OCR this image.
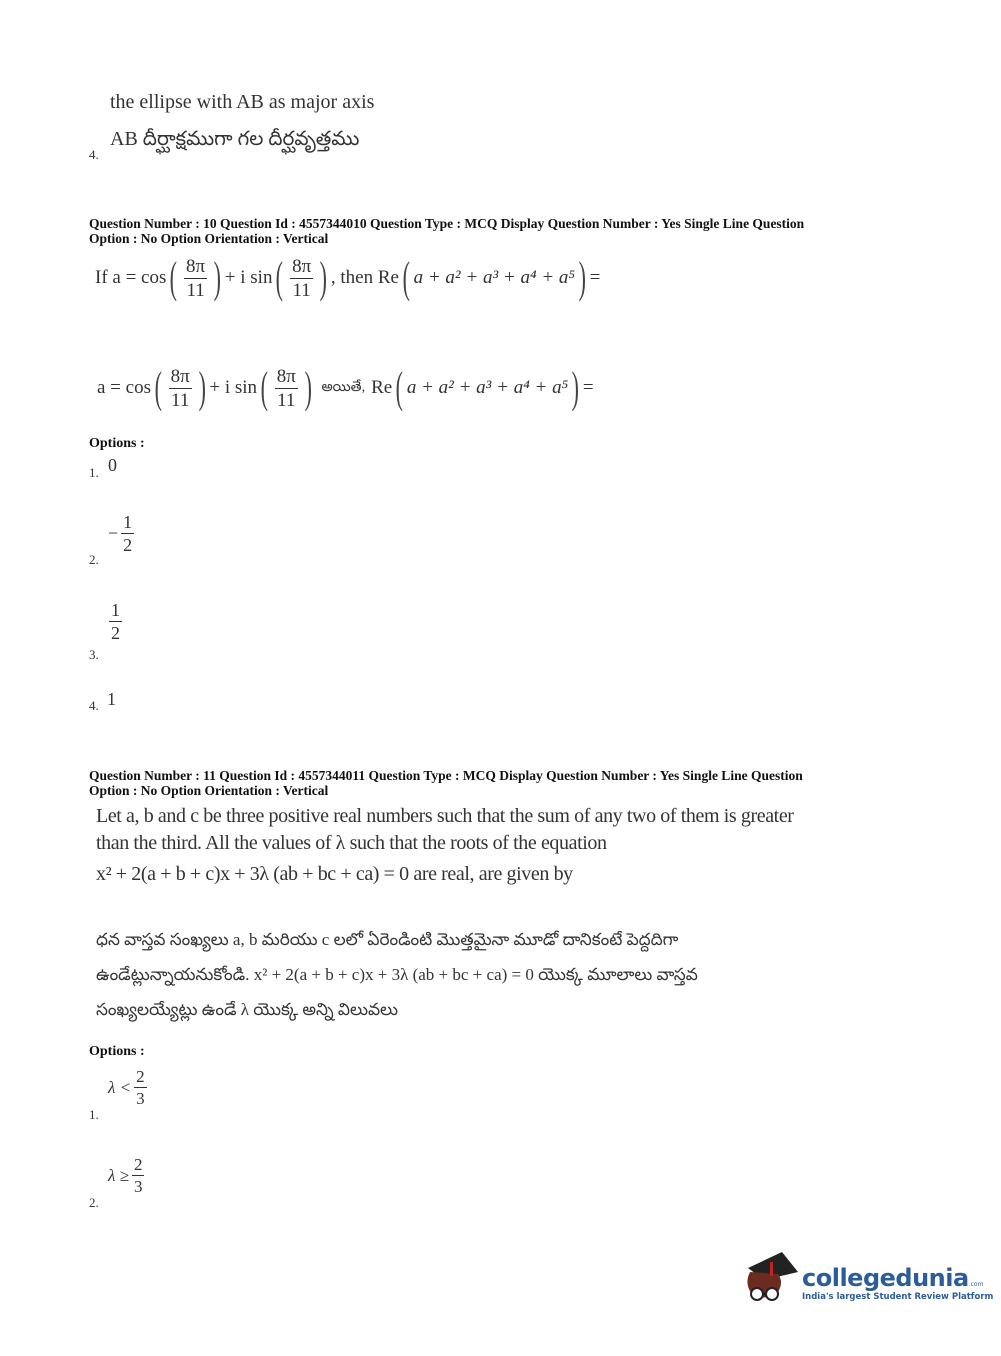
the ellipse with AB as major axis
AB దీర్ఘాక్షముగా గల దీర్ఘవృత్తము
4.
Question Number : 10 Question Id : 4557344010 Question Type : MCQ Display Question Number : Yes Single Line Question
Option : No Option Orientation : Vertical
If a = cos ( $\frac{8\pi}{11}$ ) + i sin ( $\frac{8\pi}{11}$ ) , then Re ( a + a² + a³ + a⁴ + a⁵ ) =
a = cos ( $\frac{8\pi}{11}$ ) + i sin ( $\frac{8\pi}{11}$ ) అయితే, Re ( a + a² + a³ + a⁴ + a⁵ ) =
Options :
1. 0
2.
− $\frac{1}{2}$
3.
$\frac{1}{2}$
4. 1
Question Number : 11 Question Id : 4557344011 Question Type : MCQ Display Question Number : Yes Single Line Question
Option : No Option Orientation : Vertical
Let a, b and c be three positive real numbers such that the sum of any two of them is greater
than the third. All the values of λ such that the roots of the equation
x² + 2(a + b + c)x + 3λ (ab + bc + ca) = 0 are real, are given by
ధన వాస్తవ సంఖ్యలు a, b మరియు c లలో ఏరెండింటి మొత్తమైనా మూడో దానికంటే పెద్దదిగా
ఉండేట్లున్నాయనుకోండి. x² + 2(a + b + c)x + 3λ (ab + bc + ca) = 0 యొక్క మూలాలు వాస్తవ
సంఖ్యలయ్యేట్లు ఉండే λ యొక్క అన్ని విలువలు
Options :
1.
$\lambda < \frac{2}{3}$
2.
$\lambda \ge \frac{2}{3}$
collegedunia.com
India's largest Student Review Platform
